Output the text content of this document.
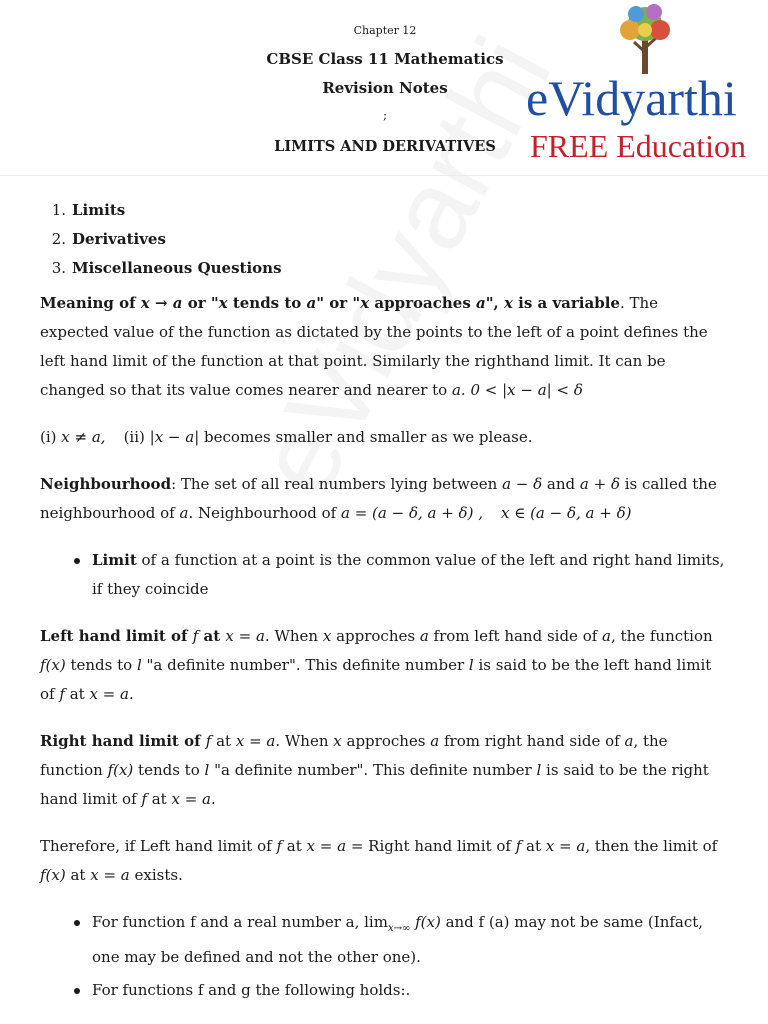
Chapter 12
CBSE Class 11 Mathematics
Revision Notes
;
LIMITS AND DERIVATIVES
eVidyarthi
FREE Education
1. Limits
2. Derivatives
3. Miscellaneous Questions

Meaning of x → a or "x tends to a" or "x approaches a", x is a variable. The expected value of the function as dictated by the points to the left of a point defines the left hand limit of the function at that point. Similarly the righthand limit. It can be changed so that its value comes nearer and nearer to a. 0 < |x − a| < δ

(i) x ≠ a, (ii) |x − a| becomes smaller and smaller as we please.

Neighbourhood: The set of all real numbers lying between a − δ and a + δ is called the neighbourhood of a. Neighbourhood of a = (a − δ, a + δ) , x ∈ (a − δ, a + δ)

Limit of a function at a point is the common value of the left and right hand limits, if they coincide

Left hand limit of f at x = a. When x approches a from left hand side of a, the function f(x) tends to l "a definite number". This definite number l is said to be the left hand limit of f at x = a.

Right hand limit of f at x = a. When x approches a from right hand side of a, the function f(x) tends to l "a definite number". This definite number l is said to be the right hand limit of f at x = a.

Therefore, if Left hand limit of f at x = a = Right hand limit of f at x = a, then the limit of f(x) at x = a exists.

For function f and a real number a, $\lim_{x\to\infty} f(x)$ and f (a) may not be same (Infact, one may be defined and not the other one).
For functions f and g the following holds:.
